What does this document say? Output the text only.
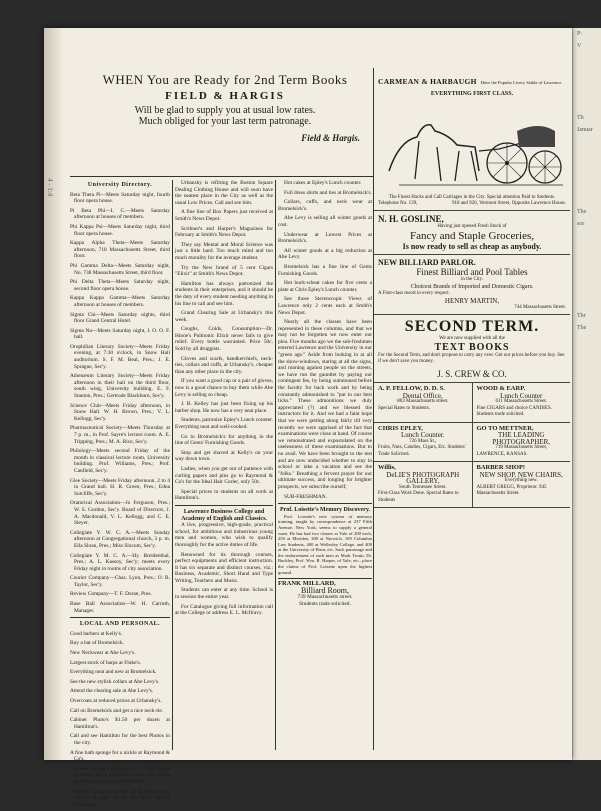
P:
V
Th
Januar
The
sor
Thr
The
4 - 1:4
WHEN You are Ready for 2nd Term Books
FIELD & HARGIS
Will be glad to supply you at usual low rates.
Much obliged for your last term patronage.
Field & Hargis.
University Directory.

Beta Theta Pi—Meets Saturday night, fourth floor opera house.

Pi Beta Phi—I. C.—Meets Saturday afternoon at houses of members.

Phi Kappa Psi—Meets Saturday night, third floor opera house.

Kappa Alpha Theta—Meets Saturday afternoon, 718 Massachusetts Street, third floor.

Phi Gamma Delta—Meets Saturday night, No. 738 Massachusetts Street, third floor.

Phi Delta Theta—Meets Saturday night, second floor opera house.

Kappa Kappa Gamma—Meets Saturday afternoon at houses of members.

Sigma Chi—Meets Saturday nights, third floor Grand Central Hotel.

Sigma Nu—Meets Saturday night, I. O. O. F. hall.

Orophilian Literary Society—Meets Friday evening, at 7:30 o'clock, in Snow Hall auditorium. S. F. M. Beal, Pres.; J. E. Sprague, Sec'y.

Athenæum Literary Society—Meets Friday afternoon in their hall on the third floor, south wing, University building. E. F. Stanton, Pres.; Gertrude Blackburn, Sec'y.

Science Club—Meets Friday afternoon, in Snow Hall. W. H. Brown, Pres.; V. L. Kellogg, Sec'y.

Pharmaceutical Society—Meets Thursday at 7 p. m., in Prof. Sayre's lecture room. A. E. Tripping, Pres.; M. A. Rice, Sec'y.

Philology—Meets second Friday of the month in classical lecture room, University building. Prof. Williams, Pres.; Prof. Canfield, Sec'y.

Glee Society—Meets Friday afternoon, 2 to 4 in Grand hall. H. R. Green, Pres.; Edna Sutcliffe, Sec'y.

Oratorical Association—Jo Ferguson, Pres.; W. S. Gordon, Sec'y. Board of Directors, J. A. Macdonald, V. L. Kellogg, and C. E. Sleyer.

Collegiate Y. W. C. A.—Meets Sunday afternoon at Congregational church, 3 p. m. Ella Sloan, Pres.; Miss Slocum, Sec'y.

Collegiate Y. M. C. A.—Hy. Breidenthal, Pres.; A. L. Kassoy, Sec'y; meets every Friday night in rooms of city association.

Courier Company—Chas. Lyon, Pres.; O. B. Taylor, Sec'y.

Review Company—T. F. Doran, Pres.

Base Ball Association—W. H. Carruth, Manager.

LOCAL AND PERSONAL.

Good barbers at Kelly's.

Buy a bat of Bromelsick.

New Neckwear at Abe Levy's.

Largest stock of harps at Fluke's.

Everything neat and new at Bromelsick.

See the new stylish collars at Abe Levy's.

Attend the clearing sale at Abe Levy's.

Overcoats at reduced prices at Urbansky's.

Call on Bromelsick and get a nice neck-tie.

Cabinet Photo's $1.50 per dozen at Hamilton's.

Call and see Hamilton for the best Photos in the city.

A fine bath sponge for a nickle at Raymond & Co's.

Just now we are cutting prices on table linens to reduce stock and raise money. Cut prices all through the house. WATKINS.

Urbansky wants no profit, he is selling now simply to get rid of his stock before invoicing.

Urbansky is refitting the Boston Square Dealing Clothing House and will soon have the neatest place in the City as well as the usual Low Prices. Call and see him.

A fine line of Box Papers just received at Smith's News Depot.

Scribner's and Harper's Magazines for February at Smith's News Depot.

They say Mental and Moral Science was just a little hard. Too much mind and too much morality for the average student.

Try the New brand of 5 cent Cigars "Elixir" at Smith's News Depot.

Hamilton has always patronized the students in their enterprises, and it should be the duty of every student needing anything in his line to call and see him.

Grand Clearing Sale at Urbansky's this week.

Coughs, Colds, Consumption—Dr. Hinoe's Pulmonic Elixir never fails to give relief. Every bottle warranted. Price 50c. Sold by all druggists.

Gloves and scarfs, handkerchiefs, neck-ties, collars and cuffs, at Urbansky's, cheaper than any other place in the city.

If you want a good cap or a pair of gloves, now is a good chance to buy them while Abe Levy is selling so cheap.

J. B. Kelley has just been fixing up his barber shop. He now has a very neat place.

Students, patronize Epley's Lunch counter. Everything neat and well-cooked.

Go to Bromelsick's for anything in the line of Gents' Furnishing Goods.

Stop and get shaved at Kelly's on your way down town.

Ladies, when you get out of patience with curling papers and pins go to Raymond & Co's for the Ideal Hair Curler, only 50c.

Special prices to students on all work at Hamilton's.

Lawrence Business College and Academy of English and Classics.

A live, progressive, high-grade, practical school, for ambitious and industrious young men and women, who wish to qualify thoroughly for the active duties of life.

Renowned for its thorough courses, perfect equipments and efficient instruction. It has six separate and distinct courses, viz.: Business, Academic, Short Hand and Type Writing, Teachers and Music.

Students can enter at any time. School is in session the entire year.

For Catalogue giving full information call at the College or address E. L. McIlravy.

Hot cakes at Epley's Lunch counter.

Full dress shirts and ties at Bromelsick's.

Collars, cuffs, and neck wear at Bromelsick's.

Abe Levy is selling all winter goods at cost.

Underwear at Lowest Prices at Bromelsick's.

All winter goods at a big reduction at Abe Levy.

Bromelsick has a fine line of Gents Furnishing Goods.

Hot buck-wheat cakes for five cents a plate at Chris Epley's Lunch counter.

See those Stereoscopic Views of Lawrence only 2 cents each at Smith's News Depot.

Nearly all the classes have been represented in these columns, and that we may not be forgotten we now enter our plea. Five months ago we the sub-freshmen entered Lawrence and the University in our "green age." Aside from looking in at all the show-windows, staring at all the signs, and running against people on the streets, we have run the gauntlet by paying our contingent fee, by being summoned before the faculty for back work and by being constantly admonished to "put in our best licks." These admonitions we duly appreciated (?) and we blessed the instructors for it. And we had a faint hope that we were getting along fairly till very recently we were apprised of the fact that examinations were close at hand. Of course we remonstrated and expostulated on the uselessness of these examinations. But to no avail. We have been brought to the test and are now undecided whether to stay in school or take a vacation and see the "folks." Breathing a fervent prayer for our ultimate success, and longing for brighter prospects, we subscribe ourself,

SUB-FRESHMAN.

Prof. Loisette's Memory Discovery.

Prof. Loisette's new system of memory training, taught by correspondence at 237 Fifth Avenue, New York, seems to supply a general want. He has had two classes at Yale of 200 each, 250 at Meriden, 300 at Norwich, 100 Columbia Law Students, 400 at Wellesley College, and 400 at the University of Penn, etc. Such patronage and the endorsement of such men as Mark Twain, Dr. Buckley, Prof. Wm. R. Harper, of Yale, etc., place the claims of Prof. Loisette upon the highest ground.

FRANK MILLARD,
Billiard Room,
739 Massachusetts street.
Students trade solicited.
CARMEAN & HARBAUGH Have the Popular Livery Stable of Lawrence.
EVERYTHING FIRST CLASS.
The Finest Hacks and Call Carriages in the City. Special attention Paid to Students.
Telephone No. 139,	918 and 920, Vermont Street, Opposite Lawrence House.
N. H. GOSLINE,
Having just opened Fresh Stock of
Fancy and Staple Groceries,
Is now ready to sell as cheap as anybody.
NEW BILLIARD PARLOR.
Finest Billiard and Pool Tables
in the City.
Choicest Brands of Imported and Domestic Cigars.
A First-class resort in every respect.
HENRY MARTIN,
744 Massachusetts Street.
SECOND TERM.
We are now supplied with all the
TEXT BOOKS
For the Second Term, and don't propose to carry any over. Get our prices before you buy. See if we don't save you money.
J. S. CREW & CO.
A. P. FELLOW, D. D. S.
Dental Office,
803 Massachusetts street.
Special Rates to Students.
WOOD & EARP.
Lunch Counter
611 Massachusetts Street.
Fine CIGARS and choice CANDIES. Students trade solicited.
CHRIS EPLEY,
Lunch Counter.
726 Mass St.,
Fruits, Nuts, Candies, Cigars, Etc. Students' Trade Solicited.
GO TO METTNER,
THE LEADING PHOTOGRAPHER,
719 Massachusetts Street,
LAWRENCE, KANSAS.
Willis,
DeLIE'S PHOTOGRAPH GALLERY,
South Tennessee Street.
First-Class Work Done. Special Rates to Students
BARBER SHOP!
NEW SHOP, NEW CHAIRS,
Everything new.
ALBERT GREGG, Proprietor. 945 Massachusetts Street.
